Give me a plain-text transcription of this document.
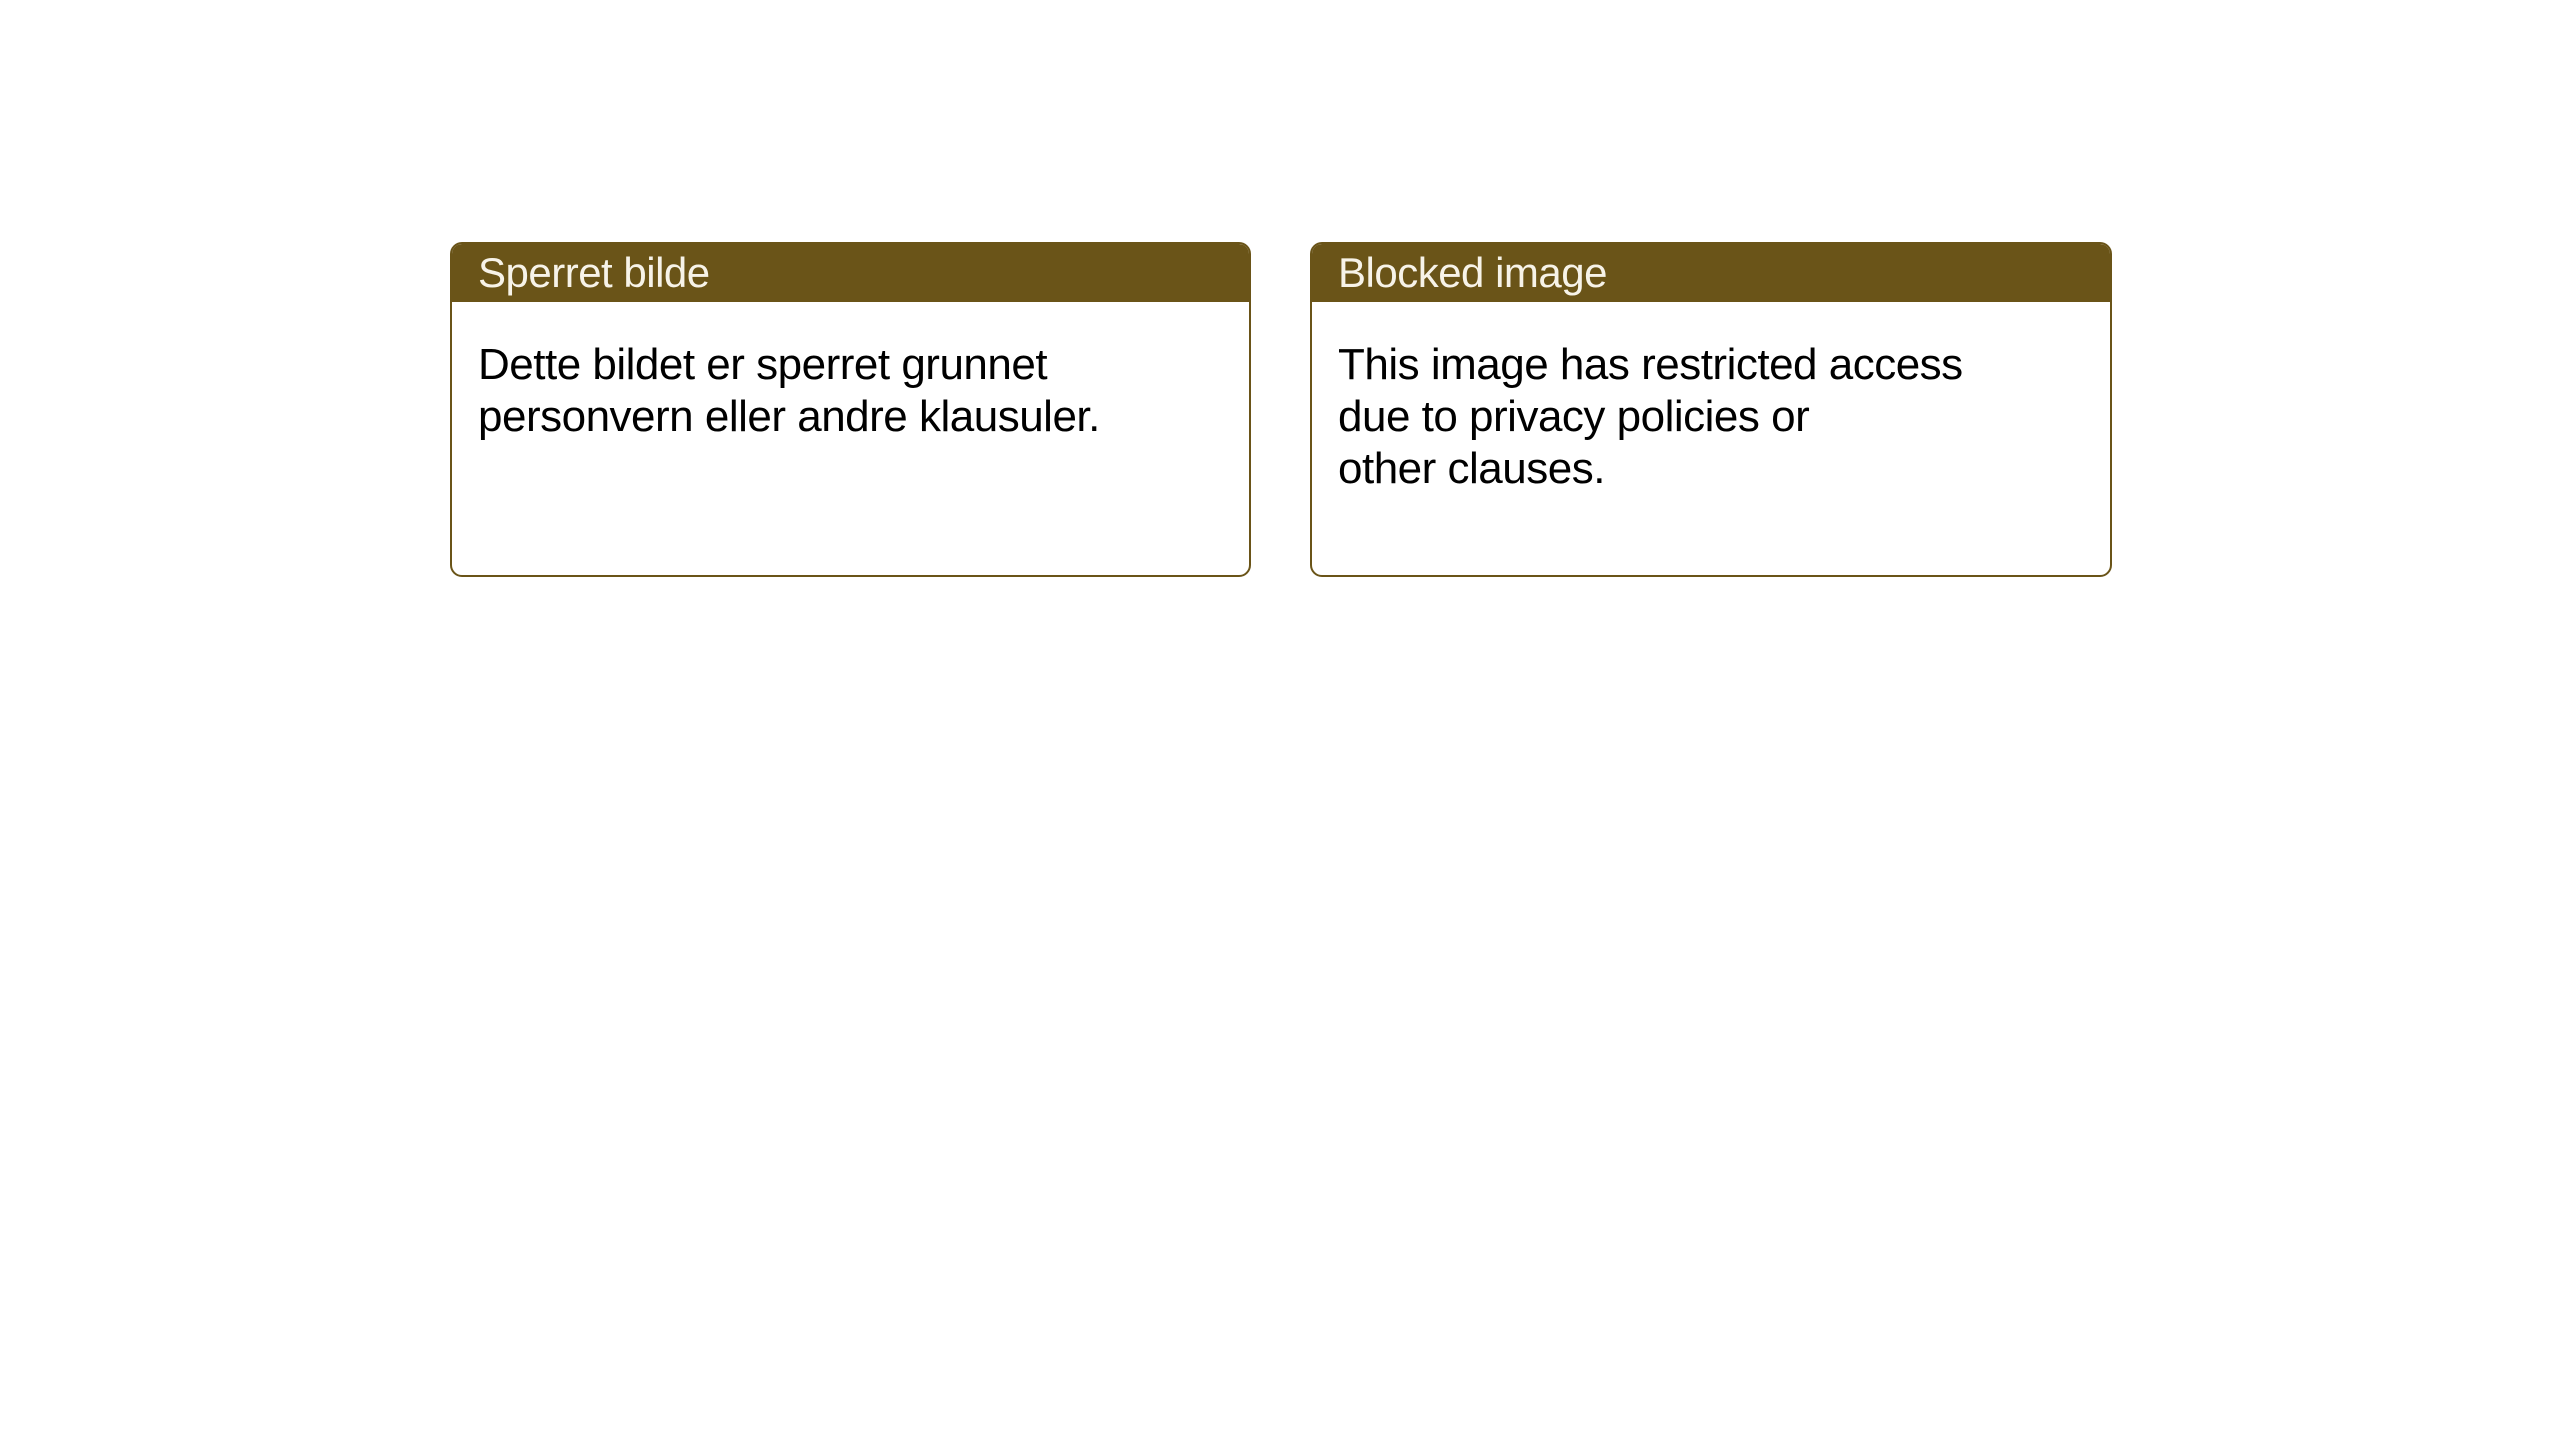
Sperret bilde
Dette bildet er sperret grunnet
personvern eller andre klausuler.
Blocked image
This image has restricted access
due to privacy policies or
other clauses.
